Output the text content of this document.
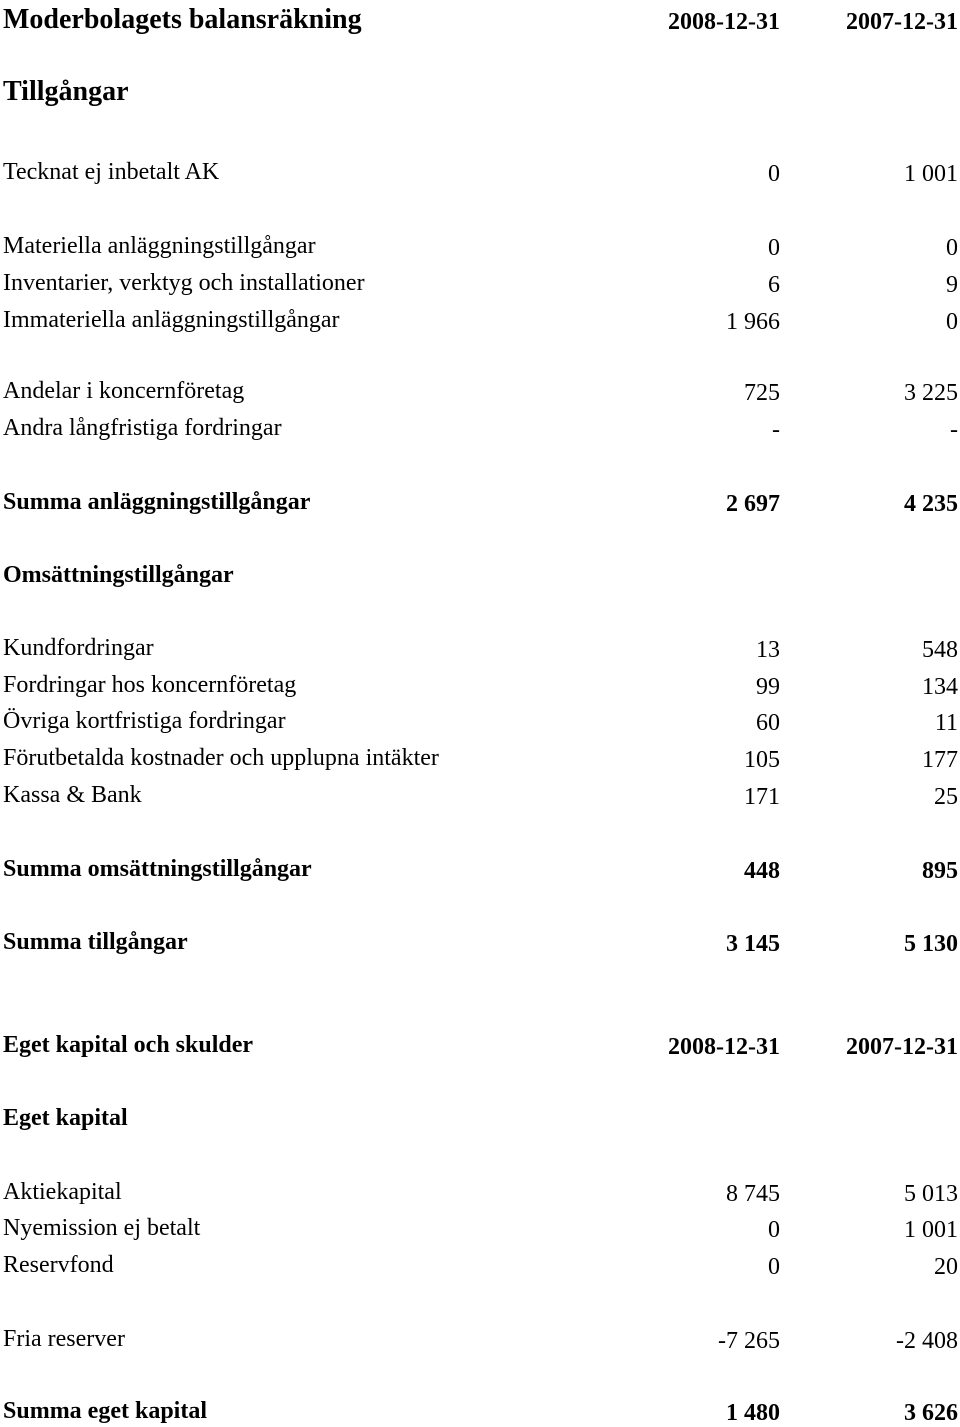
Moderbolagets balansräkning	2008-12-31	2007-12-31
Tillgångar
Tecknat ej inbetalt AK	0	1 001
Materiella anläggningstillgångar	0	0
Inventarier, verktyg och installationer	6	9
Immateriella anläggningstillgångar	1 966	0
Andelar i koncernföretag	725	3 225
Andra långfristiga fordringar	-	-
Summa anläggningstillgångar	2 697	4 235
Omsättningstillgångar
Kundfordringar	13	548
Fordringar hos koncernföretag	99	134
Övriga kortfristiga fordringar	60	11
Förutbetalda kostnader och upplupna intäkter	105	177
Kassa & Bank	171	25
Summa omsättningstillgångar	448	895
Summa tillgångar	3 145	5 130
Eget kapital och skulder	2008-12-31	2007-12-31
Eget kapital
Aktiekapital	8 745	5 013
Nyemission ej betalt	0	1 001
Reservfond	0	20
Fria reserver	-7 265	-2 408
Summa eget kapital	1 480	3 626
